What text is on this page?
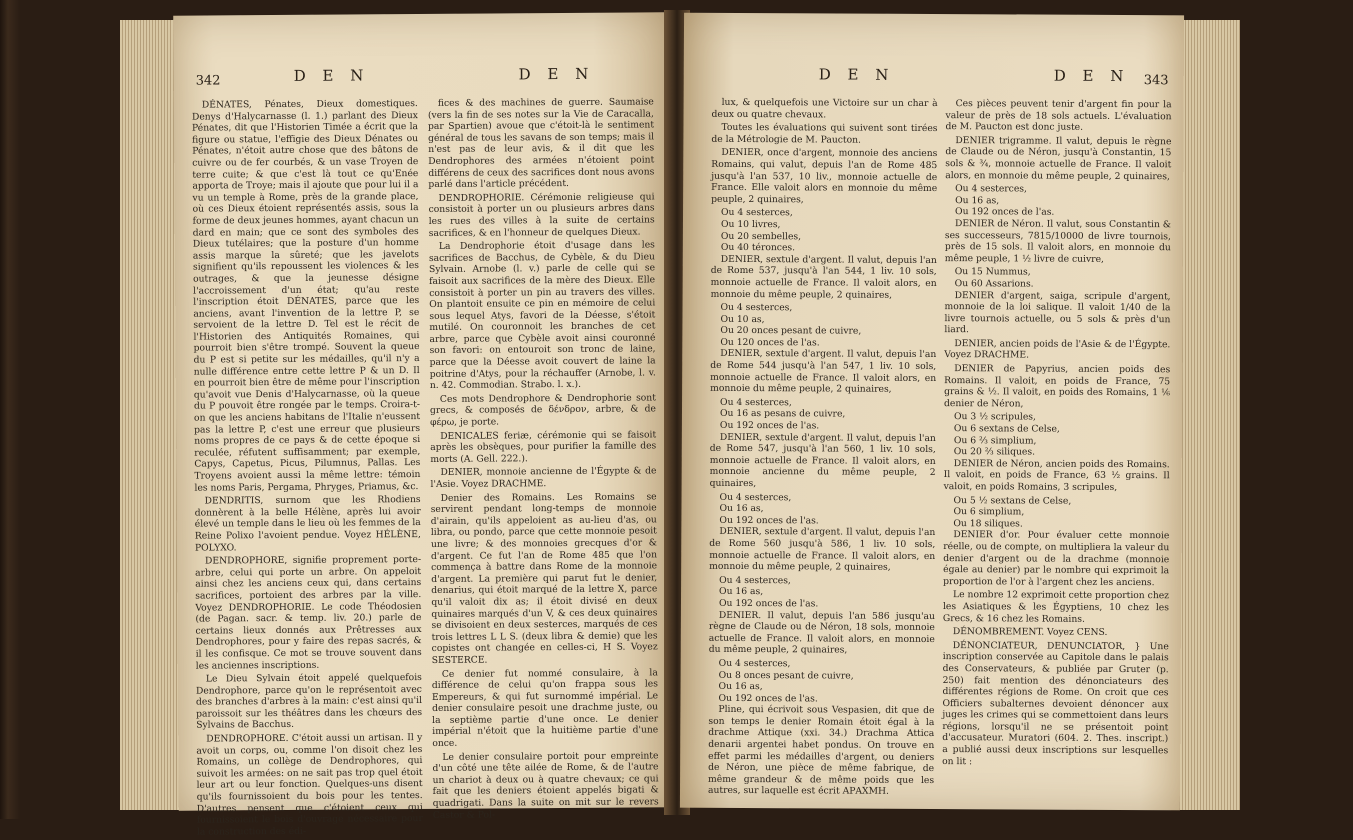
342	D E N	D E N

DÉNATES, Pénates, Dieux domestiques. Denys d'Halycarnasse (l. 1.) parlant des Dieux Pénates, dit que l'Historien Timée a écrit que la figure ou statue, l'effigie des Dieux Dénates ou Pénates, n'étoit autre chose que des bâtons de cuivre ou de fer courbés, & un vase Troyen de terre cuite; & que c'est là tout ce qu'Enée apporta de Troye; mais il ajoute que pour lui il a vu un temple à Rome, près de la grande place, où ces Dieux étoient représentés assis, sous la forme de deux jeunes hommes, ayant chacun un dard en main; que ce sont des symboles des Dieux tutélaires; que la posture d'un homme assis marque la sûreté; que les javelots signifient qu'ils repoussent les violences & les outrages, & que la jeunesse désigne l'accroissement d'un état; qu'au reste l'inscription étoit DÉNATES, parce que les anciens, avant l'invention de la lettre P, se servoient de la lettre D. Tel est le récit de l'Historien des Antiquités Romaines, qui pourroit bien s'être trompé. Souvent la queue du P est si petite sur les médailles, qu'il n'y a nulle différence entre cette lettre P & un D. Il en pourroit bien être de même pour l'inscription qu'avoit vue Denis d'Halycarnasse, où la queue du P pouvoit être rongée par le temps. Croira-t-on que les anciens habitans de l'Italie n'eussent pas la lettre P, c'est une erreur que plusieurs noms propres de ce pays & de cette époque si reculée, réfutent suffisamment; par exemple, Capys, Capetus, Picus, Pilumnus, Pallas. Les Troyens avoient aussi la même lettre: témoin les noms Paris, Pergama, Phryges, Priamus, &c.

DENDRITIS, surnom que les Rhodiens donnèrent à la belle Hélène, après lui avoir élevé un temple dans le lieu où les femmes de la Reine Polixo l'avoient pendue. Voyez HÉLÈNE, POLYXO.

DENDROPHORE, signifie proprement porte-arbre, celui qui porte un arbre. On appeloit ainsi chez les anciens ceux qui, dans certains sacrifices, portoient des arbres par la ville. Voyez DENDROPHORIE. Le code Théodosien (de Pagan. sacr. & temp. liv. 20.) parle de certains lieux donnés aux Prêtresses aux Dendrophores, pour y faire des repas sacrés, & il les confisque. Ce mot se trouve souvent dans les anciennes inscriptions.

Le Dieu Sylvain étoit appelé quelquefois Dendrophore, parce qu'on le représentoit avec des branches d'arbres à la main: c'est ainsi qu'il paroissoit sur les théâtres dans les chœurs des Sylvains de Bacchus.

DENDROPHORE. C'étoit aussi un artisan. Il y avoit un corps, ou, comme l'on disoit chez les Romains, un collège de Dendrophores, qui suivoit les armées: on ne sait pas trop quel étoit leur art ou leur fonction. Quelques-uns disent qu'ils fournissoient du bois pour les tentes. D'autres pensent que c'étoient ceux qui fournissoient le bois d'ouvrage nécessaire pour la construction des édi-

fices & des machines de guerre. Saumaise (vers la fin de ses notes sur la Vie de Caracalla, par Spartien) avoue que c'étoit-là le sentiment général de tous les savans de son temps; mais il n'est pas de leur avis, & il dit que les Dendrophores des armées n'étoient point différens de ceux des sacrifices dont nous avons parlé dans l'article précédent.

DENDROPHORIE. Cérémonie religieuse qui consistoit à porter un ou plusieurs arbres dans les rues des villes à la suite de certains sacrifices, & en l'honneur de quelques Dieux.

La Dendrophorie étoit d'usage dans les sacrifices de Bacchus, de Cybèle, & du Dieu Sylvain. Arnobe (l. v.) parle de celle qui se faisoit aux sacrifices de la mère des Dieux. Elle consistoit à porter un pin au travers des villes. On plantoit ensuite ce pin en mémoire de celui sous lequel Atys, favori de la Déesse, s'étoit mutilé. On couronnoit les branches de cet arbre, parce que Cybèle avoit ainsi couronné son favori: on entouroit son tronc de laine, parce que la Déesse avoit couvert de laine la poitrine d'Atys, pour la réchauffer (Arnobe, l. v. n. 42. Commodian. Strabo. l. x.).

Ces mots Dendrophore & Dendrophorie sont grecs, & composés de δένδρον, arbre, & de φέρω, je porte.

DENICALES feriæ, cérémonie qui se faisoit après les obsèques, pour purifier la famille des morts (A. Gell. 222.).

DENIER, monnoie ancienne de l'Égypte & de l'Asie. Voyez DRACHME.

Denier des Romains. Les Romains se servirent pendant long-temps de monnoie d'airain, qu'ils appeloient as au-lieu d'as, ou libra, ou pondo, parce que cette monnoie pesoit une livre; & des monnoies grecques d'or & d'argent. Ce fut l'an de Rome 485 que l'on commença à battre dans Rome de la monnoie d'argent. La première qui parut fut le denier, denarius, qui étoit marqué de la lettre X, parce qu'il valoit dix as; il étoit divisé en deux quinaires marqués d'un V, & ces deux quinaires se divisoient en deux sesterces, marqués de ces trois lettres L L S. (deux libra & demie) que les copistes ont changée en celles-ci, H S. Voyez SESTERCE.

Ce denier fut nommé consulaire, à la différence de celui qu'on frappa sous les Empereurs, & qui fut surnommé impérial. Le denier consulaire pesoit une drachme juste, ou la septième partie d'une once. Le denier impérial n'étoit que la huitième partie d'une once.

Le denier consulaire portoit pour empreinte d'un côté une tête ailée de Rome, & de l'autre un chariot à deux ou à quatre chevaux; ce qui fait que les deniers étoient appelés bigati & quadrigati. Dans la suite on mit sur le revers Castor & Pol-

D E N	D E N 343

lux, & quelquefois une Victoire sur un char à deux ou quatre chevaux.

Toutes les évaluations qui suivent sont tirées de la Métrologie de M. Paucton.

DENIER, once d'argent, monnoie des anciens Romains, qui valut, depuis l'an de Rome 485 jusqu'à l'an 537, 10 liv., monnoie actuelle de France. Elle valoit alors en monnoie du même peuple, 2 quinaires,

Ou 4 sesterces,

Ou 10 livres,

Ou 20 sembelles,

Ou 40 téronces.

DENIER, sextule d'argent. Il valut, depuis l'an de Rome 537, jusqu'à l'an 544, 1 liv. 10 sols, monnoie actuelle de France. Il valoit alors, en monnoie du même peuple, 2 quinaires,

Ou 4 sesterces,

Ou 10 as,

Ou 20 onces pesant de cuivre,

Ou 120 onces de l'as.

DENIER, sextule d'argent. Il valut, depuis l'an de Rome 544 jusqu'à l'an 547, 1 liv. 10 sols, monnoie actuelle de France. Il valoit alors, en monnoie du même peuple, 2 quinaires,

Ou 4 sesterces,

Ou 16 as pesans de cuivre,

Ou 192 onces de l'as.

DENIER, sextule d'argent. Il valut, depuis l'an de Rome 547, jusqu'à l'an 560, 1 liv. 10 sols, monnoie actuelle de France. Il valoit alors, en monnoie ancienne du même peuple, 2 quinaires,

Ou 4 sesterces,

Ou 16 as,

Ou 192 onces de l'as.

DENIER, sextule d'argent. Il valut, depuis l'an de Rome 560 jusqu'à 586, 1 liv. 10 sols, monnoie actuelle de France. Il valoit alors, en monnoie du même peuple, 2 quinaires,

Ou 4 sesterces,

Ou 16 as,

Ou 192 onces de l'as.

DENIER. Il valut, depuis l'an 586 jusqu'au règne de Claude ou de Néron, 18 sols, monnoie actuelle de France. Il valoit alors, en monnoie du même peuple, 2 quinaires,

Ou 4 sesterces,

Ou 8 onces pesant de cuivre,

Ou 16 as,

Ou 192 onces de l'as.

Pline, qui écrivoit sous Vespasien, dit que de son temps le denier Romain étoit égal à la drachme Attique (xxi. 34.) Drachma Attica denarii argentei habet pondus. On trouve en effet parmi les médailles d'argent, ou deniers de Néron, une pièce de même fabrique, de même grandeur & de même poids que les autres, sur laquelle est écrit ΑΡΑΧΜΗ.

Ces pièces peuvent tenir d'argent fin pour la valeur de près de 18 sols actuels. L'évaluation de M. Paucton est donc juste.

DENIER trigramme. Il valut, depuis le règne de Claude ou de Néron, jusqu'à Constantin, 15 sols & ¾, monnoie actuelle de France. Il valoit alors, en monnoie du même peuple, 2 quinaires,

Ou 4 sesterces,

Ou 16 as,

Ou 192 onces de l'as.

DENIER de Néron. Il valut, sous Constantin & ses successeurs, 7815/10000 de livre tournois, près de 15 sols. Il valoit alors, en monnoie du même peuple, 1 ½ livre de cuivre,

Ou 15 Nummus,

Ou 60 Assarions.

DENIER d'argent, saiga, scripule d'argent, monnoie de la loi salique. Il valoit 1/40 de la livre tournois actuelle, ou 5 sols & près d'un liard.

DENIER, ancien poids de l'Asie & de l'Égypte. Voyez DRACHME.

DENIER de Papyrius, ancien poids des Romains. Il valoit, en poids de France, 75 grains & ½. Il valoit, en poids des Romains, 1 ⅙ denier de Néron,

Ou 3 ½ scripules,

Ou 6 sextans de Celse,

Ou 6 ⅔ simplium,

Ou 20 ⅔ siliques.

DENIER de Néron, ancien poids des Romains. Il valoit, en poids de France, 63 ½ grains. Il valoit, en poids Romains, 3 scripules,

Ou 5 ½ sextans de Celse,

Ou 6 simplium,

Ou 18 siliques.

DENIER d'or. Pour évaluer cette monnoie réelle, ou de compte, on multipliera la valeur du denier d'argent ou de la drachme (monnoie égale au denier) par le nombre qui exprimoit la proportion de l'or à l'argent chez les anciens.

Le nombre 12 exprimoit cette proportion chez les Asiatiques & les Égyptiens, 10 chez les Grecs, & 16 chez les Romains.

DÉNOMBREMENT. Voyez CENS.

DÉNONCIATEUR, DENUNCIATOR, } Une inscription conservée au Capitole dans le palais des Conservateurs, & publiée par Gruter (p. 250) fait mention des dénonciateurs des différentes régions de Rome. On croit que ces Officiers subalternes devoient dénoncer aux juges les crimes qui se commettoient dans leurs régions, lorsqu'il ne se présentoit point d'accusateur. Muratori (604. 2. Thes. inscript.) a publié aussi deux inscriptions sur lesquelles on lit :
